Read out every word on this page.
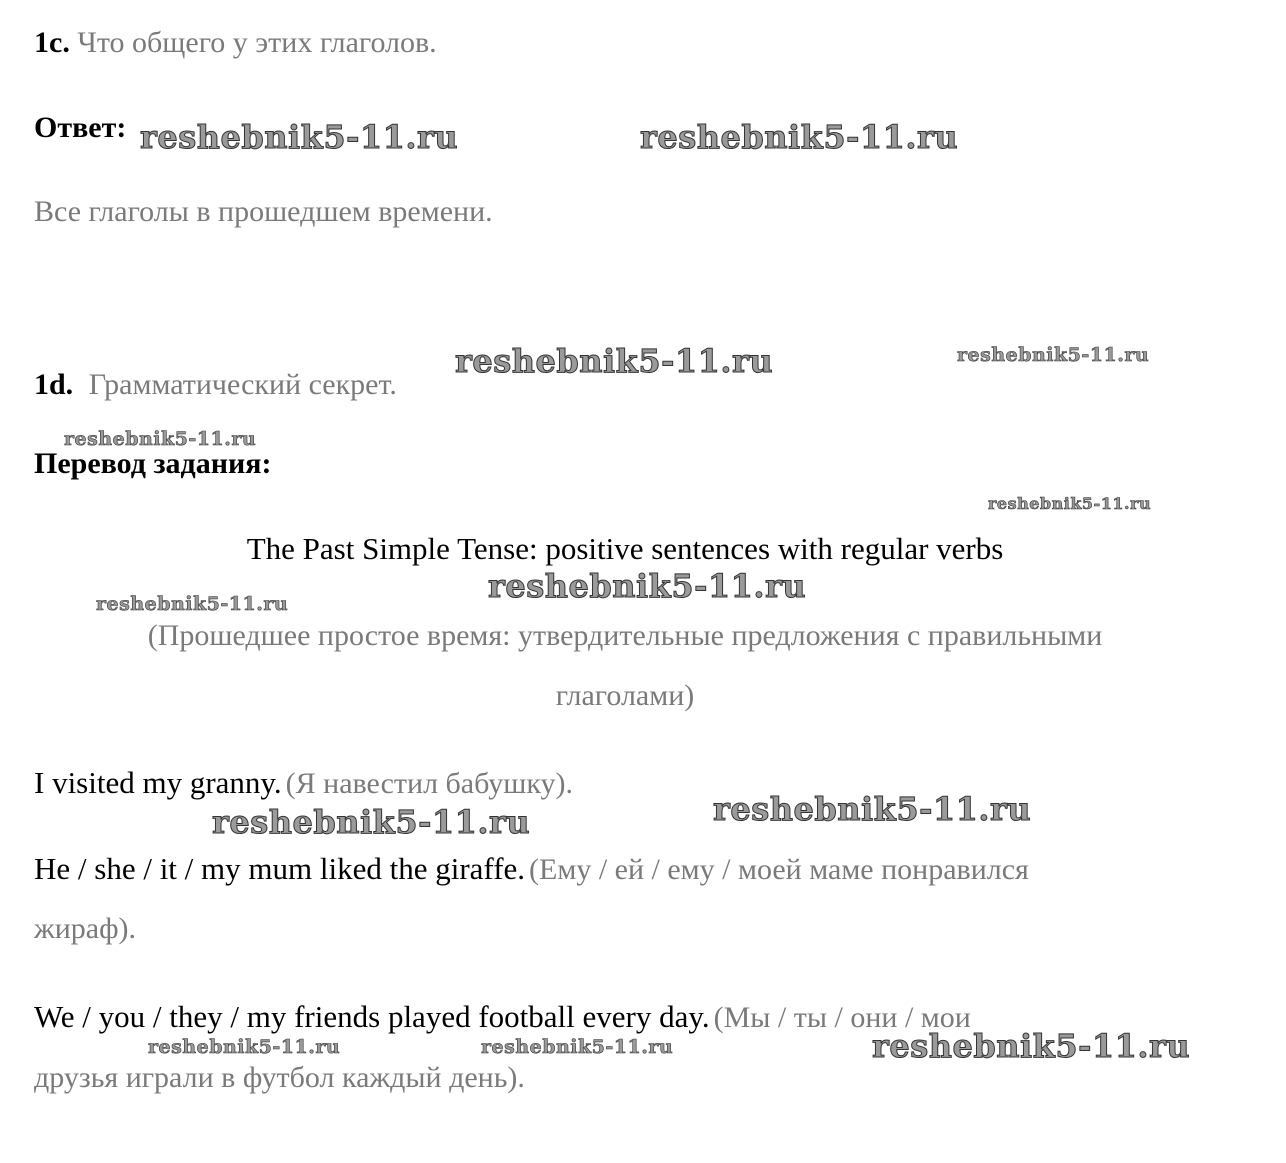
1c. Что общего у этих глаголов.
Ответ:
Все глаголы в прошедшем времени.
1d. Грамматический секрет.
Перевод задания:
The Past Simple Tense: positive sentences with regular verbs
(Прошедшее простое время: утвердительные предложения с правильными
глаголами)
I visited my granny. (Я навестил бабушку).
He / she / it / my mum liked the giraffe. (Ему / ей / ему / моей маме понравился
жираф).
We / you / they / my friends played football every day. (Мы / ты / они / мои
друзья играли в футбол каждый день).
reshebnik5-11.ru	reshebnik5-11.ru
reshebnik5-11.ru	reshebnik5-11.ru
reshebnik5-11.ru
reshebnik5-11.ru
reshebnik5-11.ru
reshebnik5-11.ru
reshebnik5-11.ru
reshebnik5-11.ru
reshebnik5-11.ru	reshebnik5-11.ru	reshebnik5-11.ru
